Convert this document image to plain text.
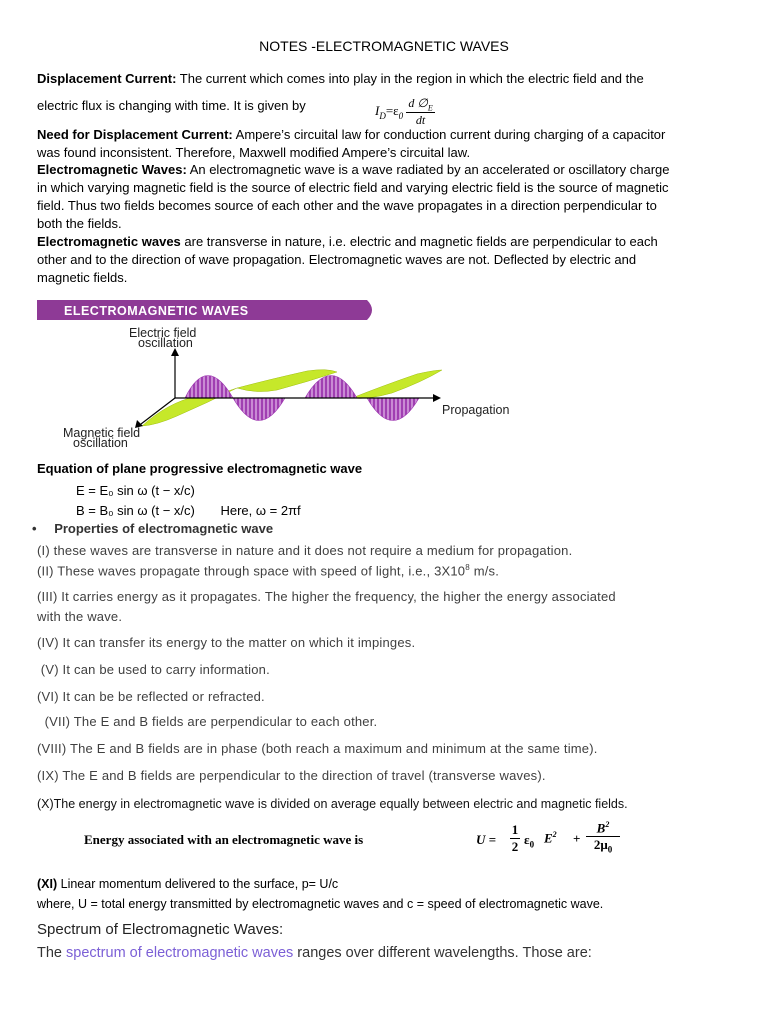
NOTES -ELECTROMAGNETIC WAVES

Displacement Current: The current which comes into play in the region in which the electric field and the

electric flux is changing with time. It is given by	$I_D=\varepsilon_0 \frac{d \emptyset_E}{dt}$

Need for Displacement Current: Ampere’s circuital law for conduction current during charging of a capacitor
was found inconsistent. Therefore, Maxwell modified Ampere’s circuital law.

Electromagnetic Waves: An electromagnetic wave is a wave radiated by an accelerated or oscillatory charge
in which varying magnetic field is the source of electric field and varying electric field is the source of magnetic
field. Thus two fields becomes source of each other and the wave propagates in a direction perpendicular to
both the fields.

Electromagnetic waves are transverse in nature, i.e. electric and magnetic fields are perpendicular to each
other and to the direction of wave propagation. Electromagnetic waves are not. Deflected by electric and
magnetic fields.

ELECTROMAGNETIC WAVES
Electric field
oscillation
Propagation
Magnetic field
oscillation
Equation of plane progressive electromagnetic wave
E = E₀ sin ω (t − x/c)
B = B₀ sin ω (t − x/c) Here, ω = 2πf
• Properties of electromagnetic wave
(I) these waves are transverse in nature and it does not require a medium for propagation.
(II) These waves propagate through space with speed of light, i.e., $3X10^8$ m/s.
(III) It carries energy as it propagates. The higher the frequency, the higher the energy associated
with the wave.
(IV) It can transfer its energy to the matter on which it impinges.
(V) It can be used to carry information.
(VI) It can be be reflected or refracted.
(VII) The E and B fields are perpendicular to each other.
(VIII) The E and B fields are in phase (both reach a maximum and minimum at the same time).
(IX) The E and B fields are perpendicular to the direction of travel (transverse waves).
(X)The energy in electromagnetic wave is divided on average equally between electric and magnetic fields.
Energy associated with an electromagnetic wave is	U =
1
2 $\varepsilon_0$ $E^2$ +
$B^2$
$2\mu_0$
(XI) Linear momentum delivered to the surface, p= U/c
where, U = total energy transmitted by electromagnetic waves and c = speed of electromagnetic wave.
Spectrum of Electromagnetic Waves:
The spectrum of electromagnetic waves ranges over different wavelengths. Those are:
